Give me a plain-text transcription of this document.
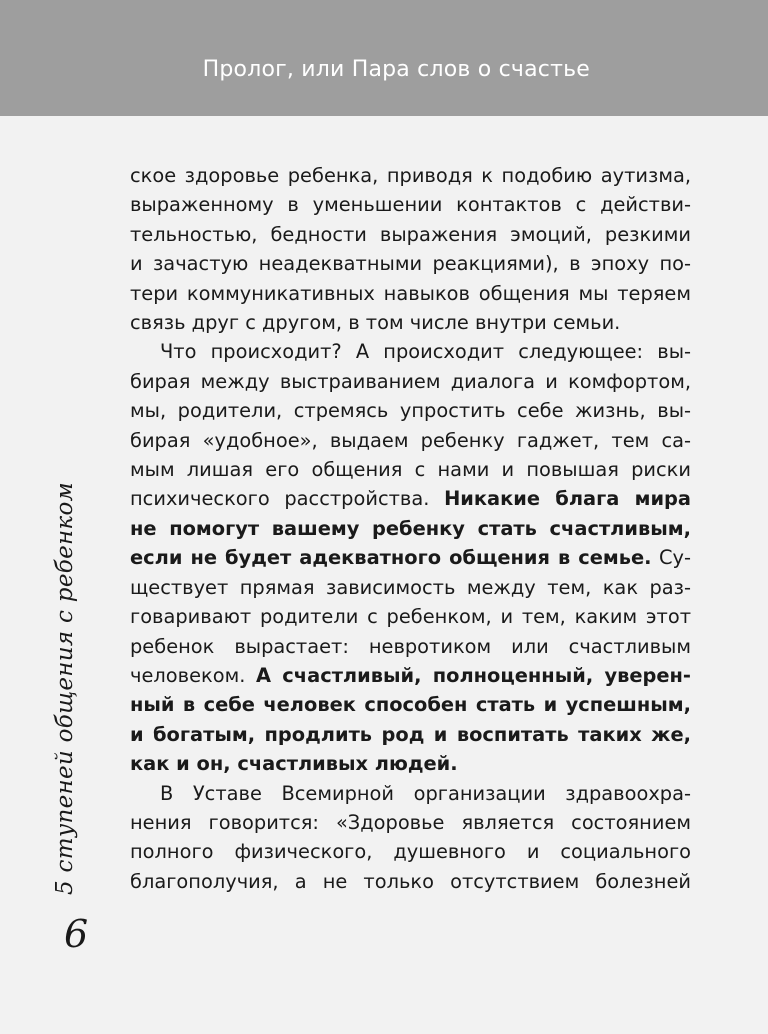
Пролог, или Пара слов о счастье
5 ступеней общения с ребенком
6
ское здоровье ребенка, приводя к подобию аутизма,
выраженному в уменьшении контактов с действи-
тельностью, бедности выражения эмоций, резкими
и зачастую неадекватными реакциями), в эпоху по-
тери коммуникативных навыков общения мы теряем
связь друг с другом, в том числе внутри семьи.
Что происходит? А происходит следующее: вы-
бирая между выстраиванием диалога и комфортом,
мы, родители, стремясь упростить себе жизнь, вы-
бирая «удобное», выдаем ребенку гаджет, тем са-
мым лишая его общения с нами и повышая риски
психического расстройства. Никакие блага мира
не помогут вашему ребенку стать счастливым,
если не будет адекватного общения в семье. Су-
ществует прямая зависимость между тем, как раз-
говаривают родители с ребенком, и тем, каким этот
ребенок вырастает: невротиком или счастливым
человеком. А счастливый, полноценный, уверен-
ный в себе человек способен стать и успешным,
и богатым, продлить род и воспитать таких же,
как и он, счастливых людей.
В Уставе Всемирной организации здравоохра-
нения говорится: «Здоровье является состоянием
полного физического, душевного и социального
благополучия, а не только отсутствием болезней
